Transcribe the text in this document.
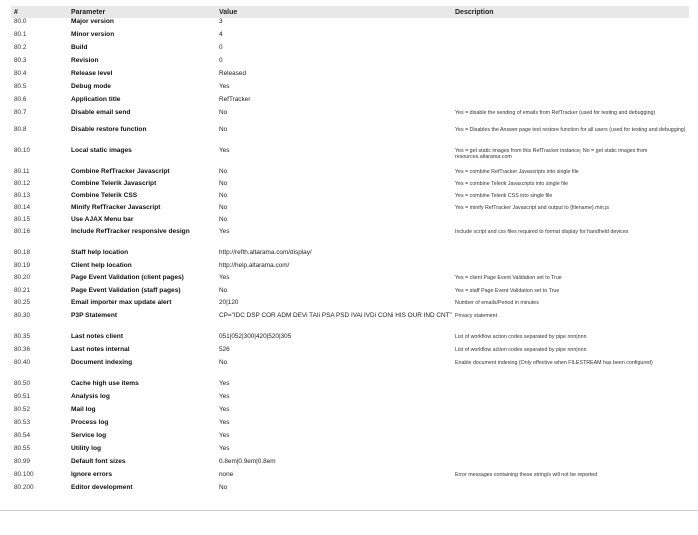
#	Parameter	Value	Description
80.0	Major version	3	
80.1	Minor version	4	
80.2	Build	0	
80.3	Revision	0	
80.4	Release level	Released	
80.5	Debug mode	Yes	
80.6	Application title	RefTracker	
80.7	Disable email send	No	Yes = disable the sending of emails from RefTracker (used for testing and debugging)
80.8	Disable restore function	No	Yes = Disables the Answer page text restore function for all users (used for testing and debugging)
80.10	Local static images	Yes	Yes = get static images from this RefTracker instance; No = get static images from resources.altarama.com
80.11	Combine RefTracker Javascript	No	Yes = combine RefTracker Javascripts into single file
80.12	Combine Telerik Javascript	No	Yes = combine Telerik Javascripts into single file
80.13	Combine Telerik CSS	No	Yes = combine Telerik CSS into single file
80.14	Minify RefTracker Javascript	No	Yes = minify RefTracker Javascript and output to {filename}.min.js
80.15	Use AJAX Menu bar	No	
80.16	Include RefTracker responsive design	Yes	Include script and css files required to format display for handheld devices
80.18	Staff help location	http://refth.altarama.com/display/	
80.19	Client help location	http://help.altarama.com/	
80.20	Page Event Validation (client pages)	Yes	Yes = client Page Event Validation set to True
80.21	Page Event Validation (staff pages)	No	Yes = staff Page Event Validation set to True
80.25	Email importer max update alert	20|120	Number of emails/Period in minutes
80.30	P3P Statement	CP="IDC DSP COR ADM DEVi TAIi PSA PSD IVAi IVDi CONi HIS OUR IND CNT"	Privacy statement
80.35	Last notes client	051|052|300|420|520|305	List of workflow action codes separated by pipe nnn|nnn
80.36	Last notes internal	526	List of workflow action codes separated by pipe nnn|nnn
80.40	Document indexing	No	Enable document indexing (Only effective when FILESTREAM has been configured)
80.50	Cache high use items	Yes	
80.51	Analysis log	Yes	
80.52	Mail log	Yes	
80.53	Process log	Yes	
80.54	Service log	Yes	
80.55	Utility log	Yes	
80.99	Default font sizes	0.8em|0.9em|0.8em	
80.100	Ignore errors	none	Error messages containing these string/s will not be reported
80.200	Editor development	No	
